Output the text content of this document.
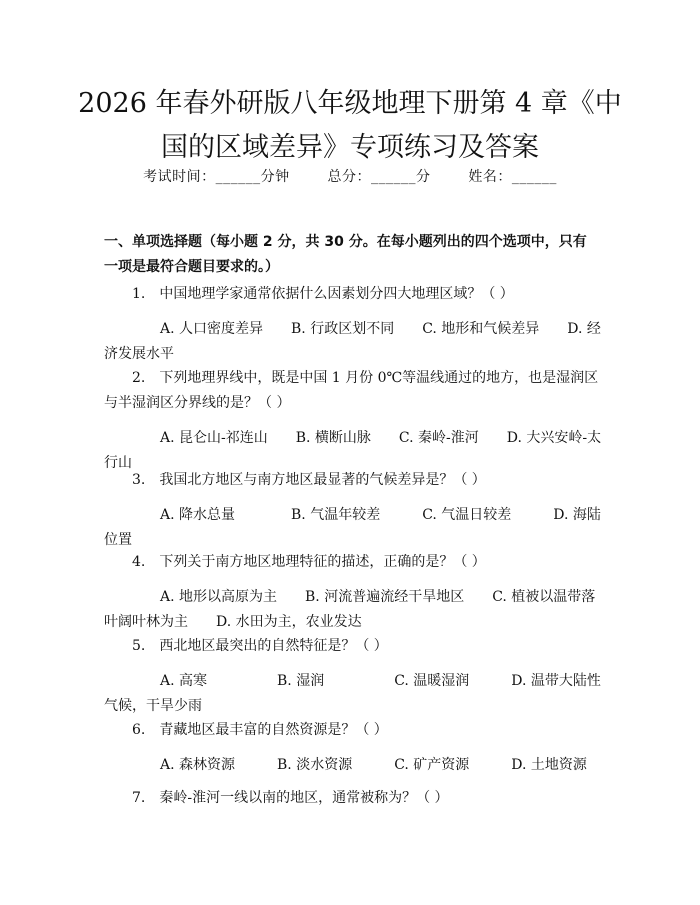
2026 年春外研版八年级地理下册第 4 章《中
国的区域差异》专项练习及答案
考试时间：______分钟	总分：______分	姓名：______
一、单项选择题（每小题 2 分，共 30 分。在每小题列出的四个选项中，只有一项是最符合题目要求的。）
1.　中国地理学家通常依据什么因素划分四大地理区域？（ ）
A. 人口密度差异　　B. 行政区划不同　　C. 地形和气候差异　　D. 经济发展水平
2.　下列地理界线中，既是中国 1 月份 0℃等温线通过的地方，也是湿润区与半湿润区分界线的是？（ ）
A. 昆仑山-祁连山　　B. 横断山脉　　C. 秦岭-淮河　　D. 大兴安岭-太行山
3.　我国北方地区与南方地区最显著的气候差异是？（ ）
A. 降水总量　　　　B. 气温年较差　　　C. 气温日较差　　　D. 海陆位置
4.　下列关于南方地区地理特征的描述，正确的是？（ ）
A. 地形以高原为主　　B. 河流普遍流经干旱地区　　C. 植被以温带落叶阔叶林为主　　D. 水田为主，农业发达
5.　西北地区最突出的自然特征是？（ ）
A. 高寒　　　　　B. 湿润　　　　　C. 温暖湿润　　　D. 温带大陆性气候，干旱少雨
6.　青藏地区最丰富的自然资源是？（ ）
A. 森林资源　　　B. 淡水资源　　　C. 矿产资源　　　D. 土地资源
7.　秦岭-淮河一线以南的地区，通常被称为？（ ）
